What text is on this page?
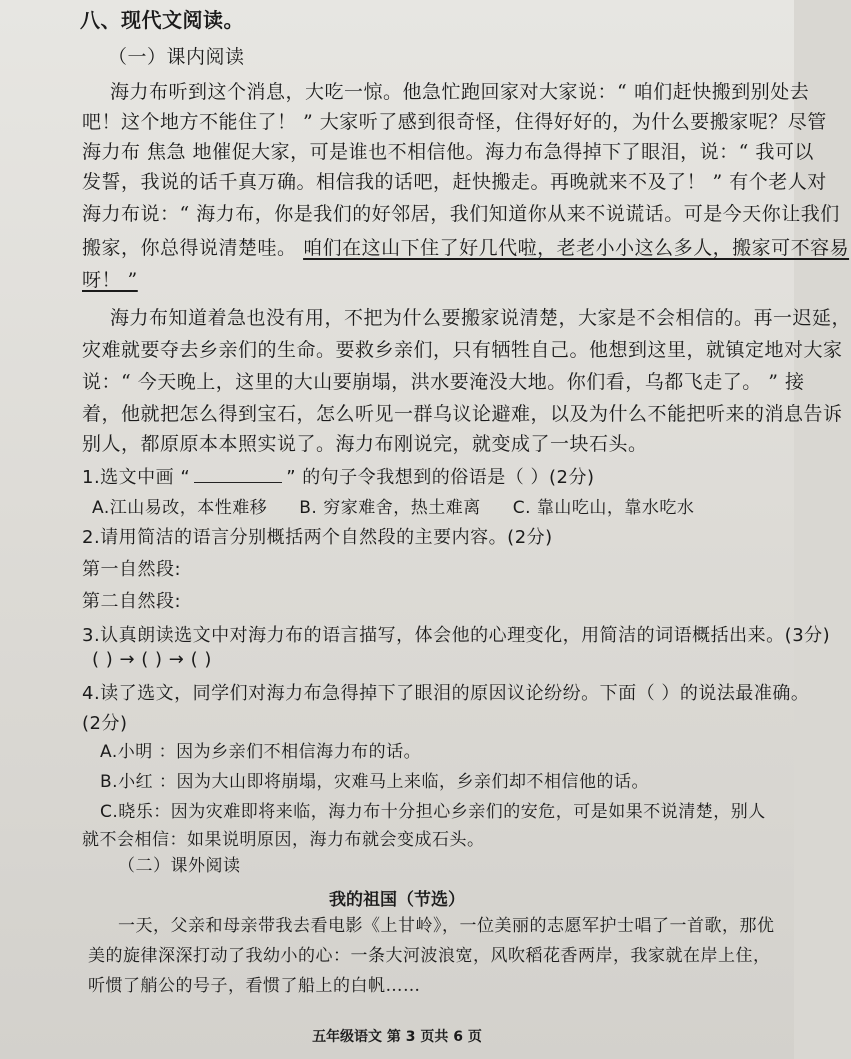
八、现代文阅读。
（一）课内阅读
海力布听到这个消息，大吃一惊。他急忙跑回家对大家说：“ 咱们赶快搬到别处去
吧！这个地方不能住了！ ” 大家听了感到很奇怪，住得好好的，为什么要搬家呢？尽管
海力布 焦急 地催促大家，可是谁也不相信他。海力布急得掉下了眼泪，说：“ 我可以
发誓，我说的话千真万确。相信我的话吧，赶快搬走。再晚就来不及了！ ” 有个老人对
海力布说：“ 海力布，你是我们的好邻居，我们知道你从来不说谎话。可是今天你让我们
搬家，你总得说清楚哇。 咱们在这山下住了好几代啦，老老小小这么多人，搬家可不容易
呀！ ”
海力布知道着急也没有用，不把为什么要搬家说清楚，大家是不会相信的。再一迟延，
灾难就要夺去乡亲们的生命。要救乡亲们，只有牺牲自己。他想到这里，就镇定地对大家
说：“ 今天晚上，这里的大山要崩塌，洪水要淹没大地。你们看，乌都飞走了。 ” 接
着，他就把怎么得到宝石，怎么听见一群乌议论避难，以及为什么不能把听来的消息告诉
别人，都原原本本照实说了。海力布刚说完，就变成了一块石头。
1.选文中画 “	” 的句子令我想到的俗语是（ ）(2分)
A.江山易改，本性难移 B. 穷家难舍，热土难离 C. 靠山吃山，靠水吃水
2.请用简洁的语言分别概括两个自然段的主要内容。(2分)
第一自然段:
第二自然段:
3.认真朗读选文中对海力布的语言描写，体会他的心理变化，用简洁的词语概括出来。(3分)
( ) → ( ) → ( )
4.读了选文，同学们对海力布急得掉下了眼泪的原因议论纷纷。下面（ ）的说法最准确。
(2分)
A.小明 ：因为乡亲们不相信海力布的话。
B.小红 ：因为大山即将崩塌，灾难马上来临，乡亲们却不相信他的话。
C.晓乐：因为灾难即将来临，海力布十分担心乡亲们的安危，可是如果不说清楚，别人
就不会相信：如果说明原因，海力布就会变成石头。
（二）课外阅读
我的祖国（节选）
一天，父亲和母亲带我去看电影《上甘岭》，一位美丽的志愿军护士唱了一首歌，那优
美的旋律深深打动了我幼小的心：一条大河波浪宽，风吹稻花香两岸，我家就在岸上住，
听惯了艄公的号子，看惯了船上的白帆……
五年级语文 第 3 页共 6 页
